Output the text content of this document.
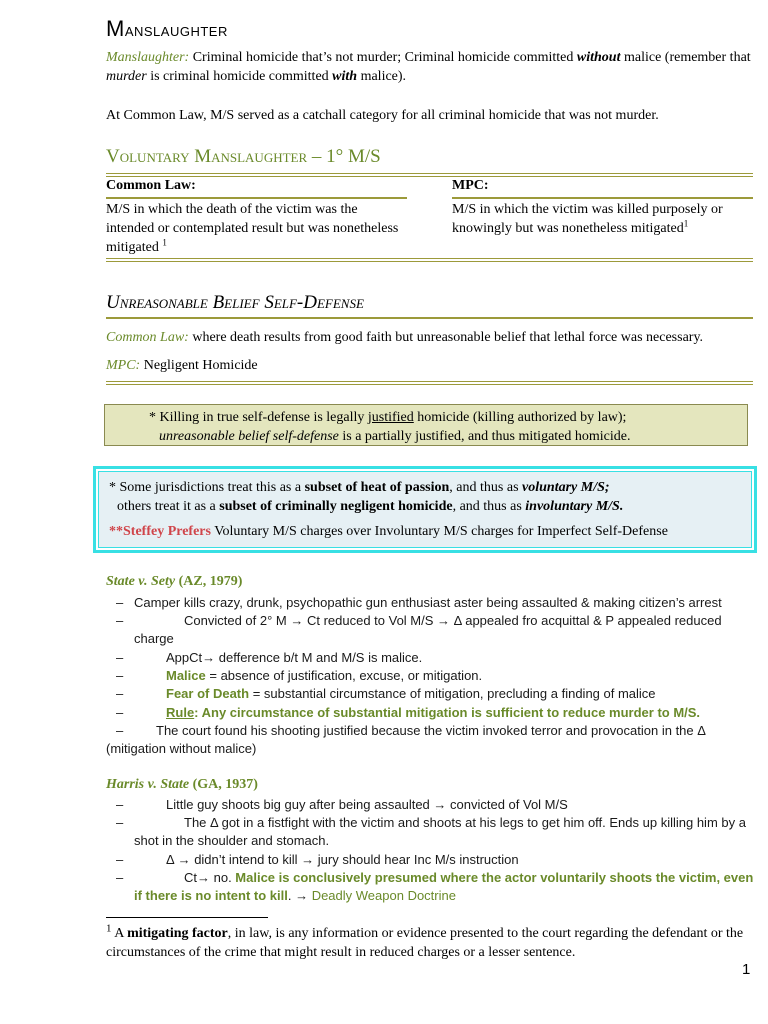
Manslaughter
Manslaughter: Criminal homicide that’s not murder; Criminal homicide committed without malice (remember that murder is criminal homicide committed with malice).
At Common Law, M/S served as a catchall category for all criminal homicide that was not murder.
Voluntary Manslaughter – 1° M/S
Common Law:
M/S in which the death of the victim was the intended or contemplated result but was nonetheless mitigated $^1$
MPC:
M/S in which the victim was killed purposely or knowingly but was nonetheless mitigated$^1$
Unreasonable Belief Self-Defense
Common Law: where death results from good faith but unreasonable belief that lethal force was necessary.
MPC: Negligent Homicide
* Killing in true self-defense is legally justified homicide (killing authorized by law);
unreasonable belief self-defense is a partially justified, and thus mitigated homicide.
* Some jurisdictions treat this as a subset of heat of passion, and thus as voluntary M/S;
others treat it as a subset of criminally negligent homicide, and thus as involuntary M/S.
**Steffey Prefers Voluntary M/S charges over Involuntary M/S charges for Imperfect Self-Defense
State v. Sety (AZ, 1979)
– Camper kills crazy, drunk, psychopathic gun enthusiast aster being assaulted & making citizen’s arrest
–	Convicted of 2° M → Ct reduced to Vol M/S → Δ appealed fro acquittal & P appealed reduced charge
–	AppCt→ defference b/t M and M/S is malice.
–	Malice = absence of justification, excuse, or mitigation.
–	Fear of Death = substantial circumstance of mitigation, precluding a finding of malice
–	Rule: Any circumstance of substantial mitigation is sufficient to reduce murder to M/S.
–	The court found his shooting justified because the victim invoked terror and provocation in the Δ (mitigation without malice)
Harris v. State (GA, 1937)
–	Little guy shoots big guy after being assaulted → convicted of Vol M/S
–	The Δ got in a fistfight with the victim and shoots at his legs to get him off. Ends up killing him by a shot in the shoulder and stomach.
–	Δ → didn’t intend to kill → jury should hear Inc M/s instruction
–	Ct→ no. Malice is conclusively presumed where the actor voluntarily shoots the victim, even if there is no intent to kill. → Deadly Weapon Doctrine
$^1$ A mitigating factor, in law, is any information or evidence presented to the court regarding the defendant or the circumstances of the crime that might result in reduced charges or a lesser sentence.
1
